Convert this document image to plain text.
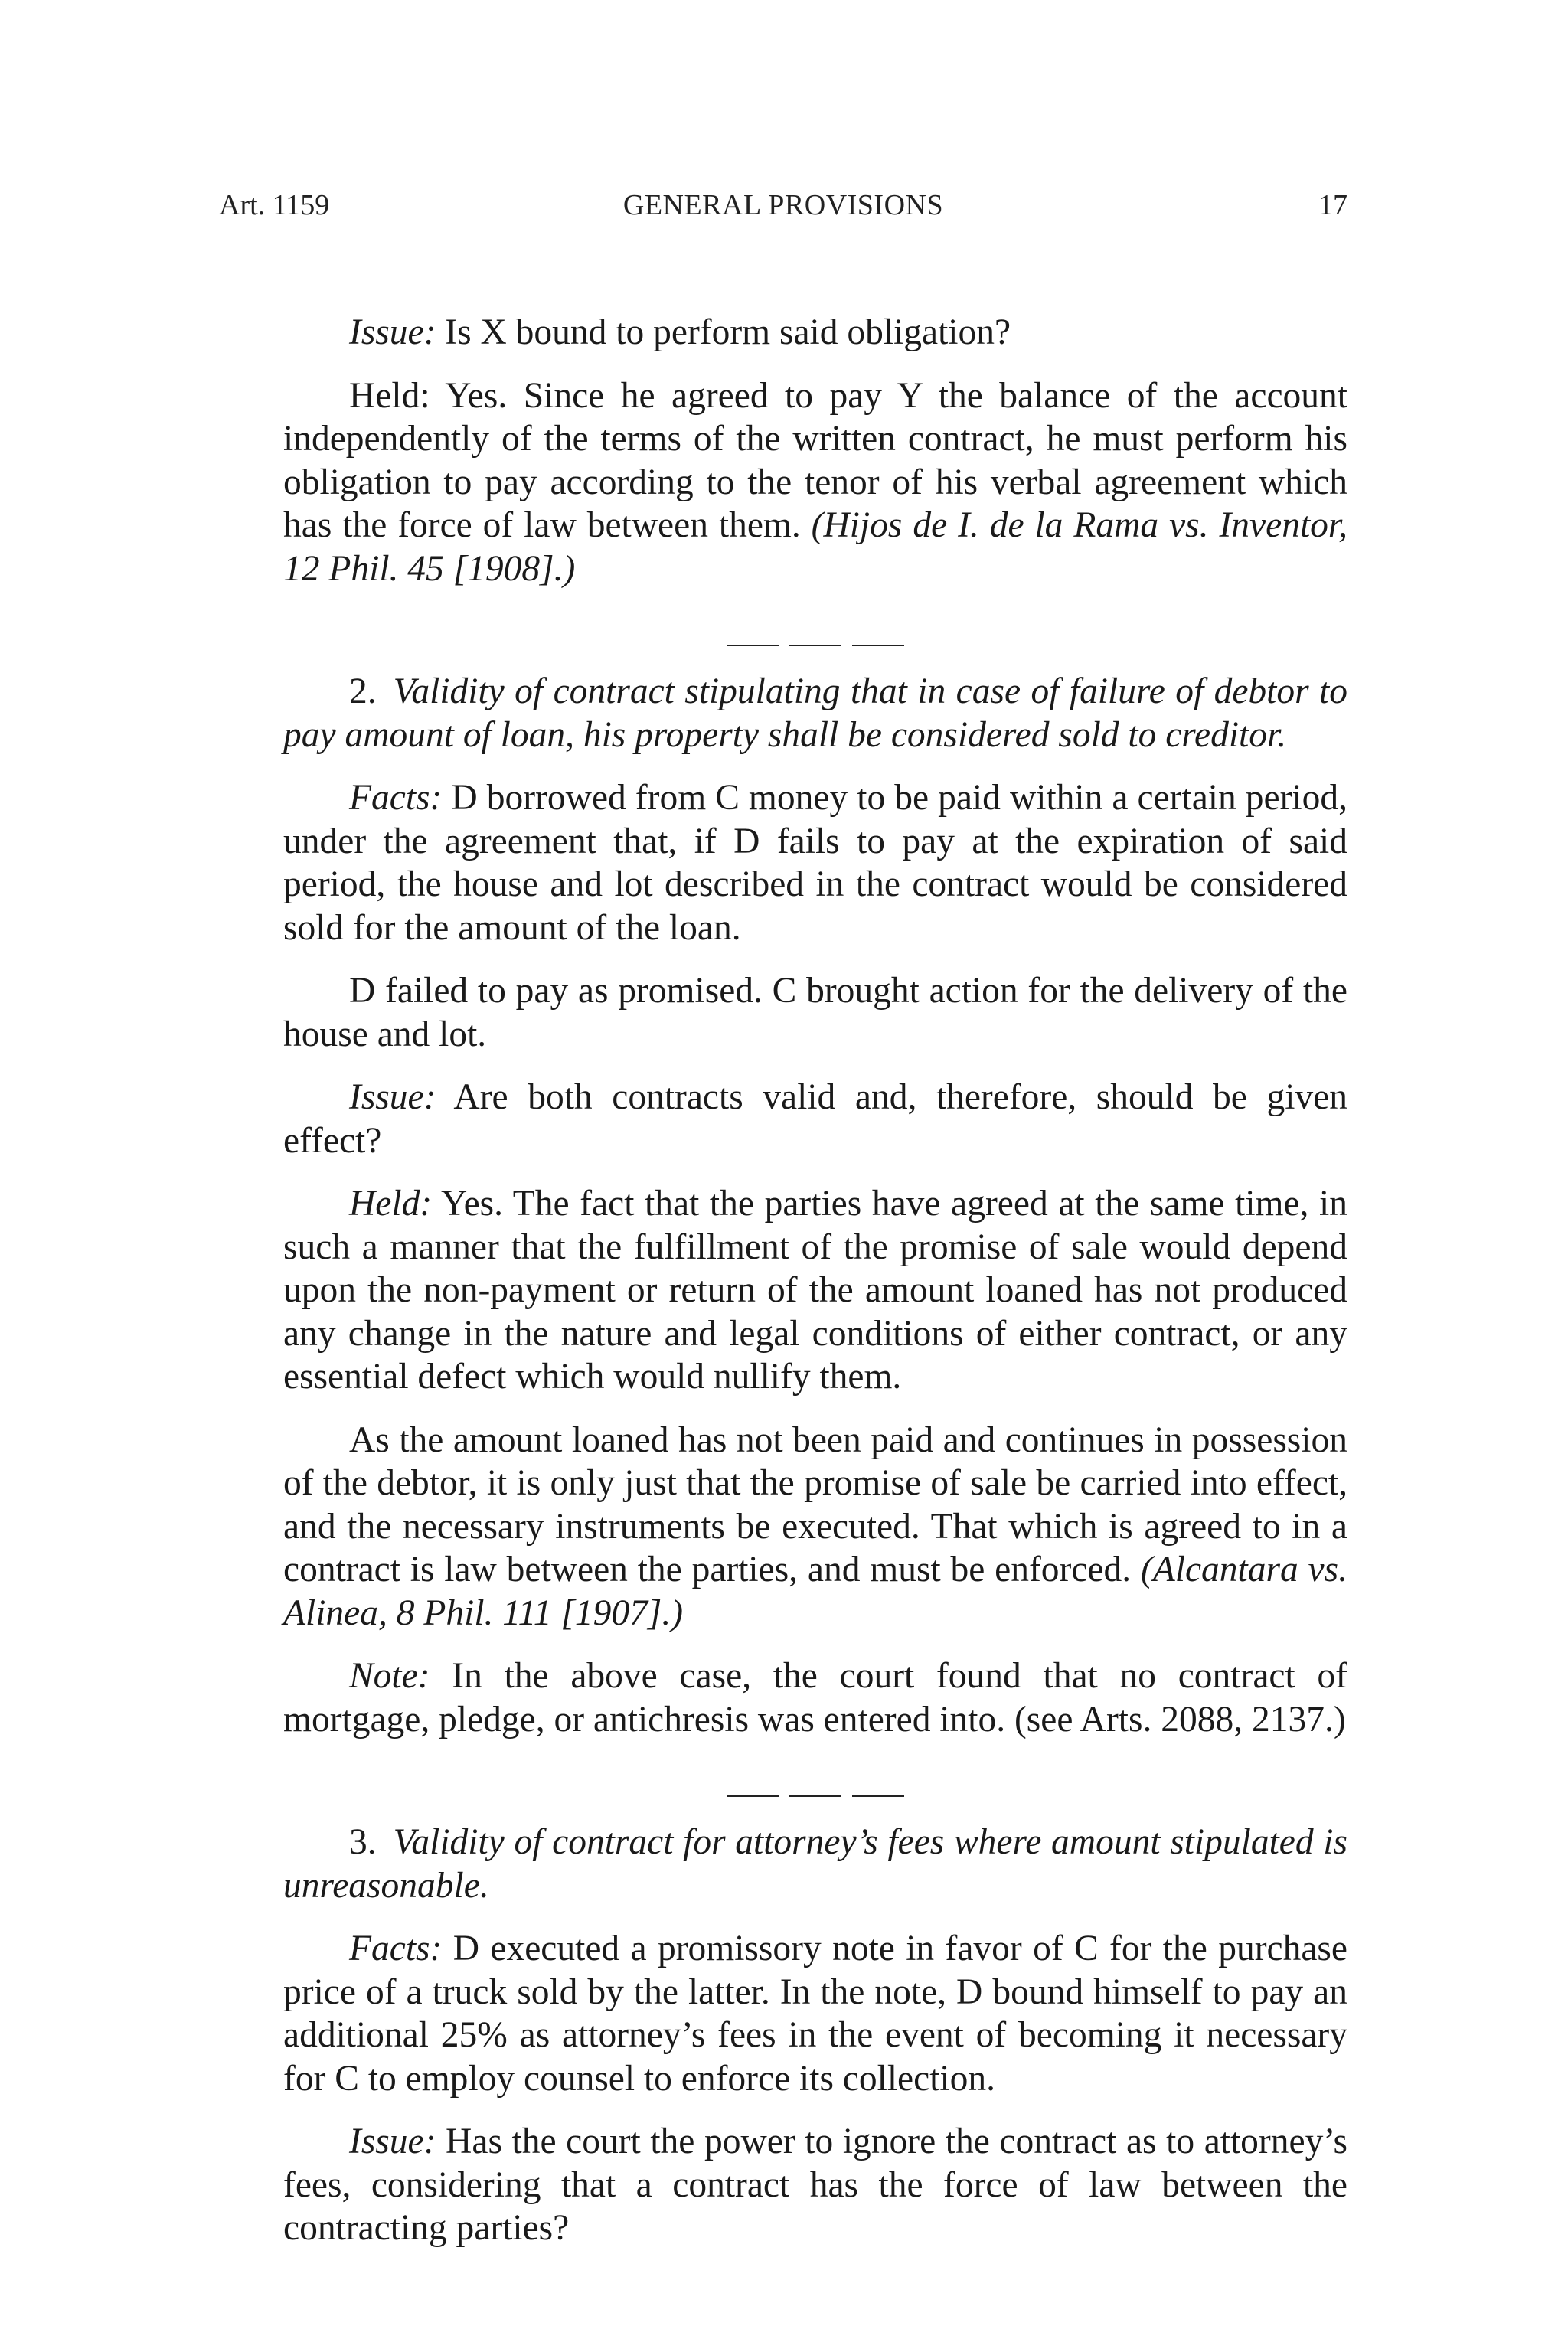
Art. 1159	GENERAL PROVISIONS	17

Issue: Is X bound to perform said obligation?

Held: Yes. Since he agreed to pay Y the balance of the account independently of the terms of the written contract, he must perform his obligation to pay according to the tenor of his verbal agreement which has the force of law between them. (Hijos de I. de la Rama vs. Inventor, 12 Phil. 45 [1908].)

2. Validity of contract stipulating that in case of failure of debtor to pay amount of loan, his property shall be considered sold to creditor.

Facts: D borrowed from C money to be paid within a certain period, under the agreement that, if D fails to pay at the expiration of said period, the house and lot described in the contract would be considered sold for the amount of the loan.

D failed to pay as promised. C brought action for the delivery of the house and lot.

Issue: Are both contracts valid and, therefore, should be given effect?

Held: Yes. The fact that the parties have agreed at the same time, in such a manner that the fulfillment of the promise of sale would depend upon the non-payment or return of the amount loaned has not produced any change in the nature and legal conditions of either contract, or any essential defect which would nullify them.

As the amount loaned has not been paid and continues in possession of the debtor, it is only just that the promise of sale be carried into effect, and the necessary instruments be executed. That which is agreed to in a contract is law between the parties, and must be enforced. (Alcantara vs. Alinea, 8 Phil. 111 [1907].)

Note: In the above case, the court found that no contract of mortgage, pledge, or antichresis was entered into. (see Arts. 2088, 2137.)

3. Validity of contract for attorney’s fees where amount stipulated is unreasonable.

Facts: D executed a promissory note in favor of C for the purchase price of a truck sold by the latter. In the note, D bound himself to pay an additional 25% as attorney’s fees in the event of becoming it necessary for C to employ counsel to enforce its collection.

Issue: Has the court the power to ignore the contract as to attorney’s fees, considering that a contract has the force of law between the contracting parties?
